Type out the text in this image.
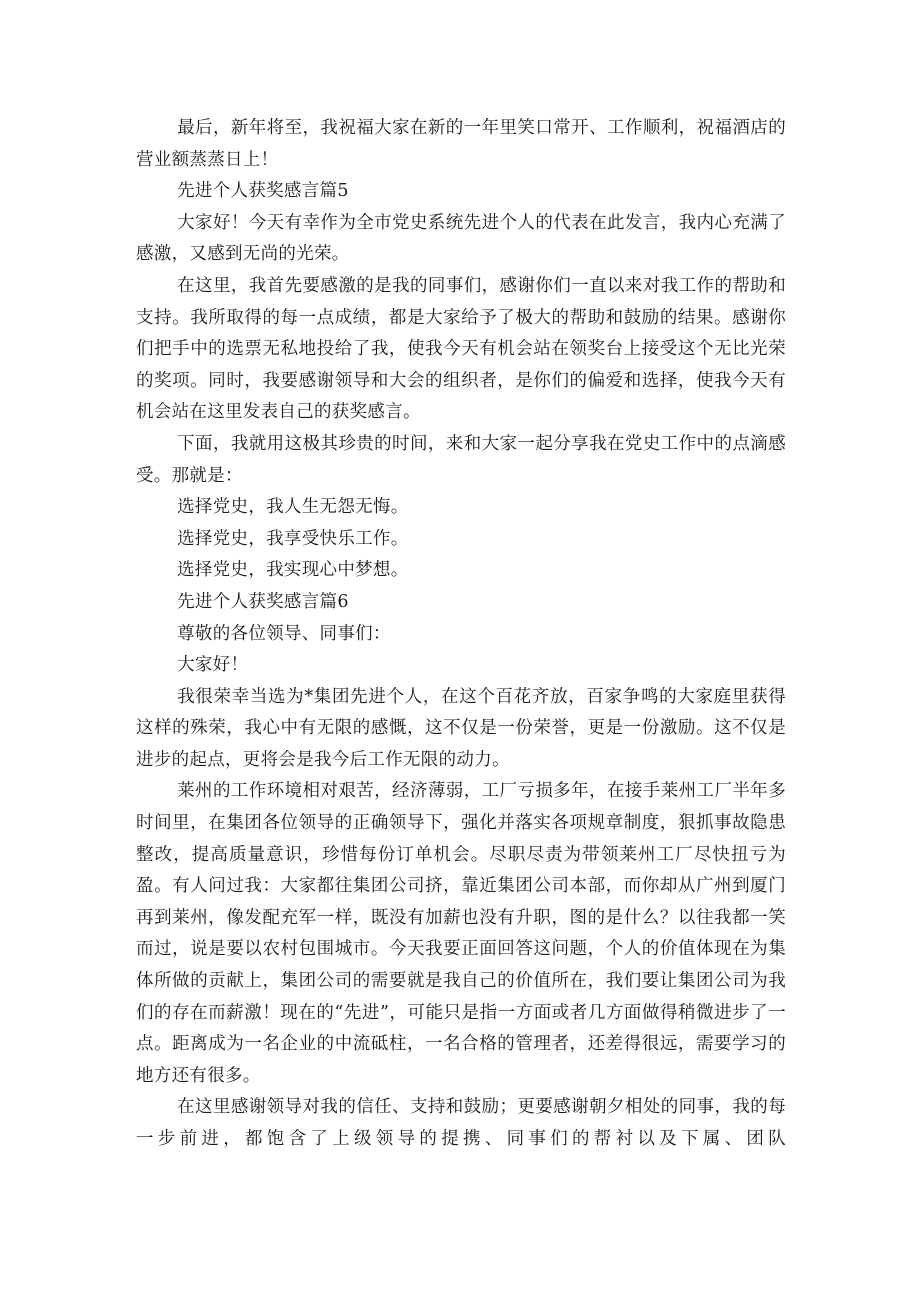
最后，新年将至，我祝福大家在新的一年里笑口常开、工作顺利，祝福酒店的营业额蒸蒸日上！

先进个人获奖感言篇5

大家好！今天有幸作为全市党史系统先进个人的代表在此发言，我内心充满了感激，又感到无尚的光荣。

在这里，我首先要感激的是我的同事们，感谢你们一直以来对我工作的帮助和支持。我所取得的每一点成绩，都是大家给予了极大的帮助和鼓励的结果。感谢你们把手中的选票无私地投给了我，使我今天有机会站在领奖台上接受这个无比光荣的奖项。同时，我要感谢领导和大会的组织者，是你们的偏爱和选择，使我今天有机会站在这里发表自己的获奖感言。

下面，我就用这极其珍贵的时间，来和大家一起分享我在党史工作中的点滴感受。那就是：

选择党史，我人生无怨无悔。

选择党史，我享受快乐工作。

选择党史，我实现心中梦想。

先进个人获奖感言篇6

尊敬的各位领导、同事们：

大家好！

我很荣幸当选为*集团先进个人，在这个百花齐放，百家争鸣的大家庭里获得这样的殊荣，我心中有无限的感慨，这不仅是一份荣誉，更是一份激励。这不仅是进步的起点，更将会是我今后工作无限的动力。

莱州的工作环境相对艰苦，经济薄弱，工厂亏损多年，在接手莱州工厂半年多时间里，在集团各位领导的正确领导下，强化并落实各项规章制度，狠抓事故隐患整改，提高质量意识，珍惜每份订单机会。尽职尽责为带领莱州工厂尽快扭亏为盈。有人问过我：大家都往集团公司挤，靠近集团公司本部，而你却从广州到厦门再到莱州，像发配充军一样，既没有加薪也没有升职，图的是什么？以往我都一笑而过，说是要以农村包围城市。今天我要正面回答这问题，个人的价值体现在为集体所做的贡献上，集团公司的需要就是我自己的价值所在，我们要让集团公司为我们的存在而薪激！现在的“先进”，可能只是指一方面或者几方面做得稍微进步了一点。距离成为一名企业的中流砥柱，一名合格的管理者，还差得很远，需要学习的地方还有很多。

在这里感谢领导对我的信任、支持和鼓励；更要感谢朝夕相处的同事，我的每一步前进，都饱含了上级领导的提携、同事们的帮衬以及下属、团队
